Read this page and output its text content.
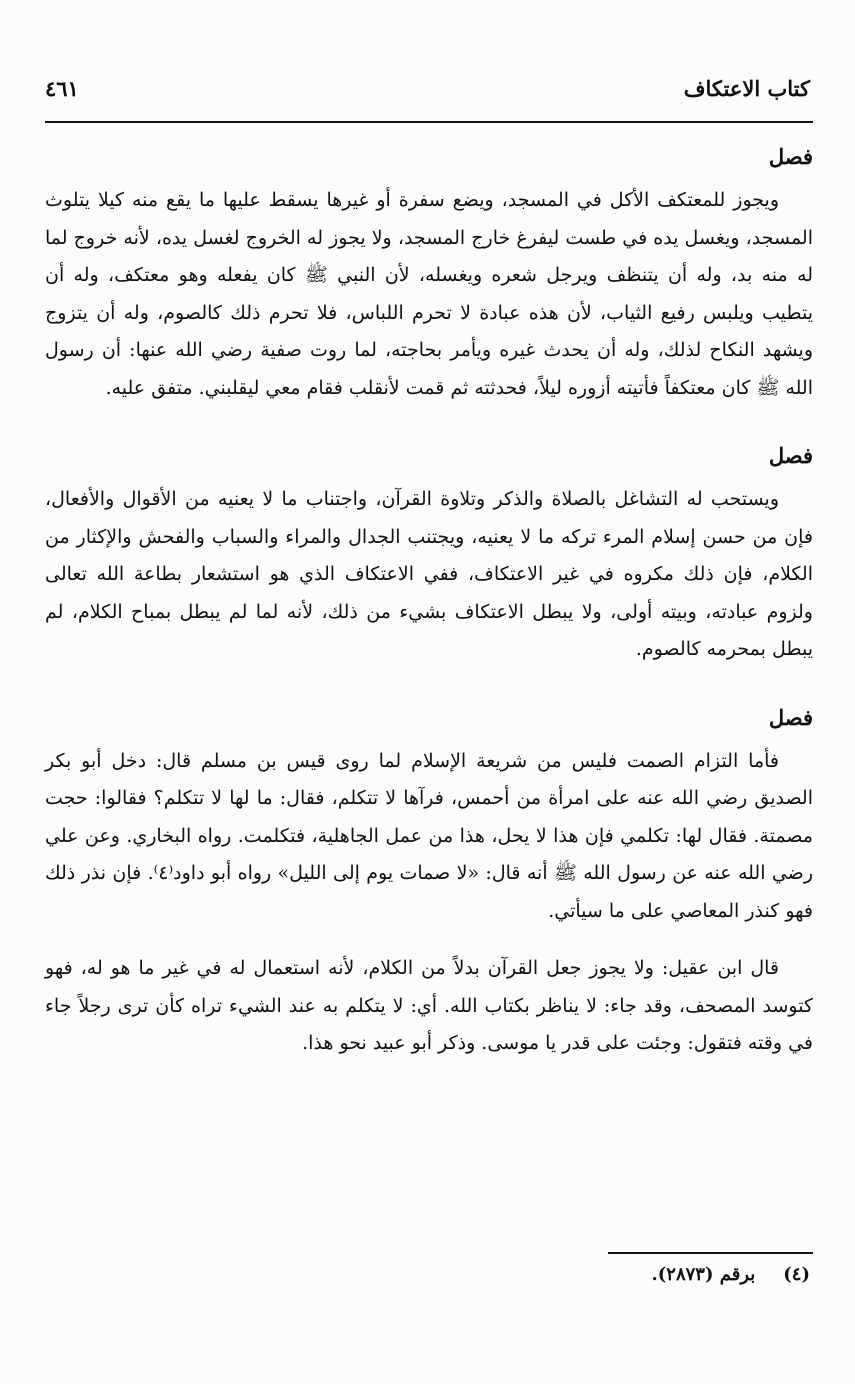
كتاب الاعتكاف
٤٦١
فصل

ويجوز للمعتكف الأكل في المسجد، ويضع سفرة أو غيرها يسقط عليها ما يقع منه كيلا يتلوث المسجد، ويغسل يده في طست ليفرغ خارج المسجد، ولا يجوز له الخروج لغسل يده، لأنه خروج لما له منه بد، وله أن يتنظف ويرجل شعره ويغسله، لأن النبي ﷺ كان يفعله وهو معتكف، وله أن يتطيب ويلبس رفيع الثياب، لأن هذه عبادة لا تحرم اللباس، فلا تحرم ذلك كالصوم، وله أن يتزوج ويشهد النكاح لذلك، وله أن يحدث غيره ويأمر بحاجته، لما روت صفية رضي الله عنها: أن رسول الله ﷺ كان معتكفاً فأتيته أزوره ليلاً، فحدثته ثم قمت لأنقلب فقام معي ليقلبني. متفق عليه.

فصل

ويستحب له التشاغل بالصلاة والذكر وتلاوة القرآن، واجتناب ما لا يعنيه من الأقوال والأفعال، فإن من حسن إسلام المرء تركه ما لا يعنيه، ويجتنب الجدال والمراء والسباب والفحش والإكثار من الكلام، فإن ذلك مكروه في غير الاعتكاف، ففي الاعتكاف الذي هو استشعار بطاعة الله تعالى ولزوم عبادته، وبيته أولى، ولا يبطل الاعتكاف بشيء من ذلك، لأنه لما لم يبطل بمباح الكلام، لم يبطل بمحرمه كالصوم.

فصل

فأما التزام الصمت فليس من شريعة الإسلام لما روى قيس بن مسلم قال: دخل أبو بكر الصديق رضي الله عنه على امرأة من أحمس، فرآها لا تتكلم، فقال: ما لها لا تتكلم؟ فقالوا: حجت مصمتة. فقال لها: تكلمي فإن هذا لا يحل، هذا من عمل الجاهلية، فتكلمت. رواه البخاري. وعن علي رضي الله عنه عن رسول الله ﷺ أنه قال: «لا صمات يوم إلى الليل» رواه أبو داود⁽٤⁾. فإن نذر ذلك فهو كنذر المعاصي على ما سيأتي.

قال ابن عقيل: ولا يجوز جعل القرآن بدلاً من الكلام، لأنه استعمال له في غير ما هو له، فهو كتوسد المصحف، وقد جاء: لا يناظر بكتاب الله. أي: لا يتكلم به عند الشيء تراه كأن ترى رجلاً جاء في وقته فتقول: وجئت على قدر يا موسى. وذكر أبو عبيد نحو هذا.

(٤)
برقم (٢٨٧٣).
